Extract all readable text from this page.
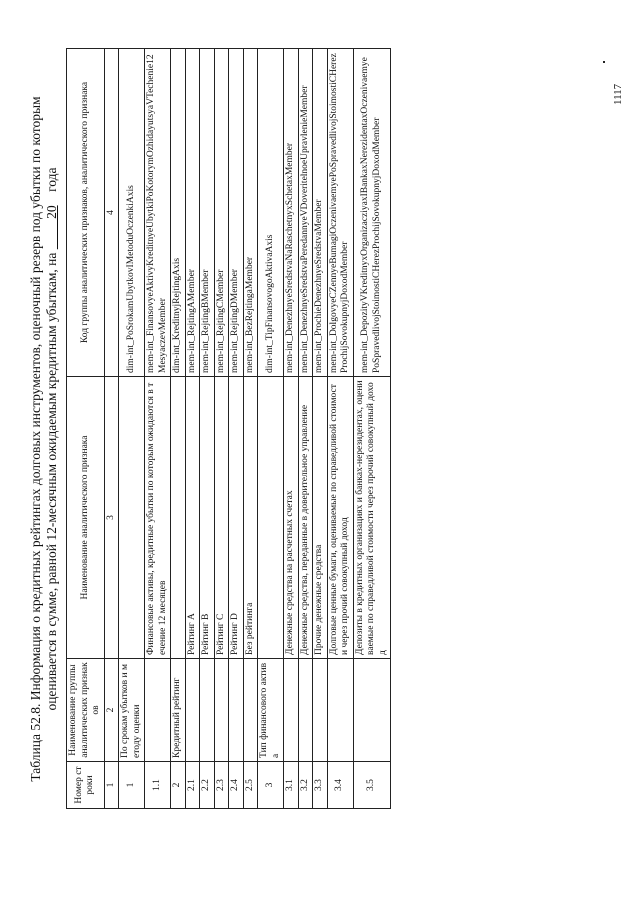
Таблица 52.8. Информация о кредитных рейтингах долговых инструментов, оценочный резерв под убытки по которым оценивается в сумме, равной 12-месячным ожидаемым кредитным убыткам, на          20    года
Номер строки	Наименование группы аналитических признаков	Наименование аналитического признака	Код группы аналитических признаков, аналитического признака
1	2	3	4
1	По срокам убытков и методу оценки		dim-int_PoSrokamUbytkovIMetoduOczenkiAxis
1.1		Финансовые активы, кредитные убытки по которым ожидаются в течение 12 месяцев	mem-int_FinansovyeAktivyKreditnyeUbytkiPoKotorymOzhidayutsyaVTechenie12MesyaczevMember
2	Кредитный рейтинг		dim-int_KreditnyjRejtingAxis
2.1		Рейтинг А	mem-int_RejtingAMember
2.2		Рейтинг В	mem-int_RejtingBMember
2.3		Рейтинг С	mem-int_RejtingCMember
2.4		Рейтинг D	mem-int_RejtingDMember
2.5		Без рейтинга	mem-int_BezRejtingaMember
3	Тип финансового актива		dim-int_TipFinansovogoAktivaAxis
3.1		Денежные средства на расчетных счетах	mem-int_DenezhnyeSredstvaNaRaschetnyxSchetaxMember
3.2		Денежные средства, переданные в доверительное управление	mem-int_DenezhnyeSredstvaPeredannyeVDoveritelnoeUpravlenieMember
3.3		Прочие денежные средства	mem-int_ProchieDenezhnyeSredstvaMember
3.4		Долговые ценные бумаги, оцениваемые по справедливой стоимости через прочий совокупный доход	mem-int_DolgovyeCZennyeBumagiOczenivaemyePoSpravedlivojStoimostiCHerezProchijSovokupnyjDoxodMember
3.5		Депозиты в кредитных организациях и банках-нерезидентах, оцениваемые по справедливой стоимости через прочий совокупный доход	mem-int_DepozityVKreditnyxOrganizacziyaxIBankaxNerezidentaxOczenivaemyePoSpravedlivojStoimostiCHerezProchijSovokupnyjDoxodMember
1117
